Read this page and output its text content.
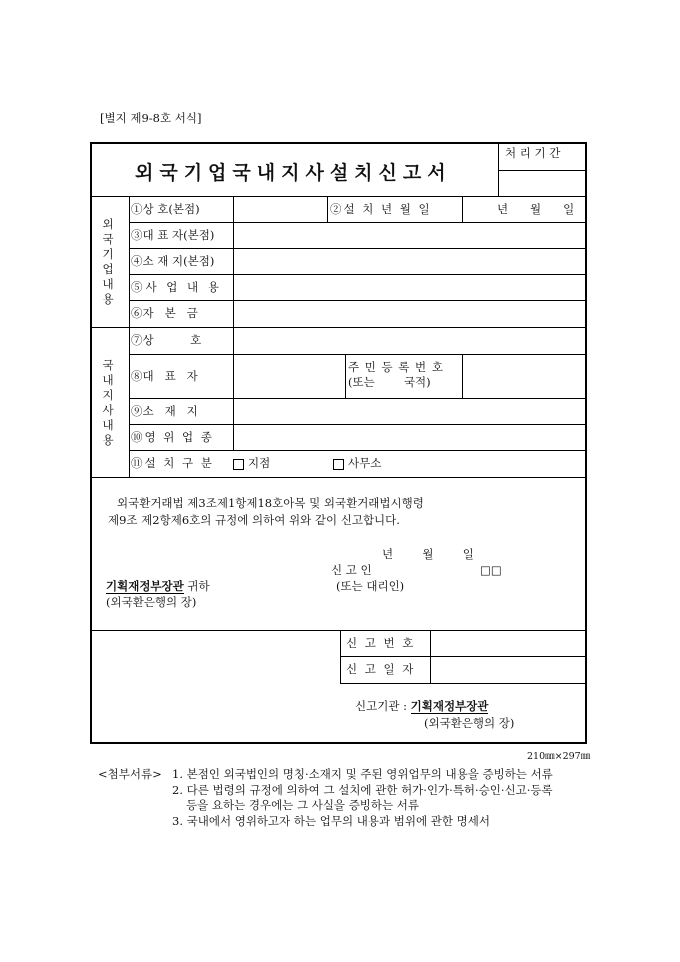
[별지 제9-8호 서식]
외국기업국내지사설치신고서
처 리 기 간
외 국 기 업 내 용
①상 호(본점)	②설 치 년 월 일	년      월      일
③대 표 자(본점)
④소 재 지(본점)
⑤사 업 내 용
⑥자   본   금
국 내 지 사 내 용
⑦상          호
⑧대   표   자
주 민 등 록 번 호
(또는        국적)
⑨소   재   지
⑩영 위 업 종
⑪설 치 구 분	지점	사무소
외국환거래법 제3조제1항제18호아목 및 외국환거래법시행령
제9조 제2항제6호의 규정에 의하여 위와 같이 신고합니다.
년        월        일
신 고 인	□□
(또는 대리인)
기획재정부장관 귀하
(외국환은행의 장)
신 고 번 호
신 고 일 자
신고기관 : 기획재정부장관
(외국환은행의 장)
210㎜×297㎜
<첨부서류> 1. 본점인 외국법인의 명칭·소재지 및 주된 영위업무의 내용을 증빙하는 서류
2. 다른 법령의 규정에 의하여 그 설치에 관한 허가·인가·특허·승인·신고·등록
등을 요하는 경우에는 그 사실을 증빙하는 서류
3. 국내에서 영위하고자 하는 업무의 내용과 범위에 관한 명세서
